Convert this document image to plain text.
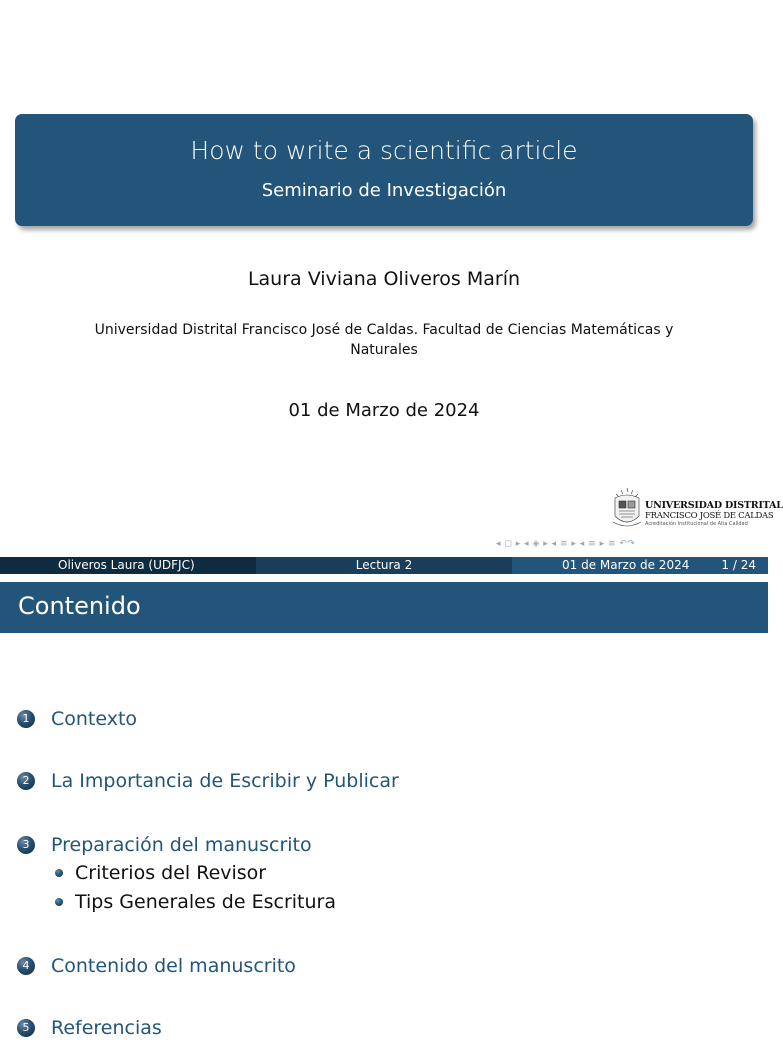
How to write a scientific article
Seminario de Investigación
Laura Viviana Oliveros Marín
Universidad Distrital Francisco José de Caldas. Facultad de Ciencias Matemáticas y
Naturales
01 de Marzo de 2024
UNIVERSIDAD DISTRITAL
FRANCISCO JOSÉ DE CALDAS
Acreditación Institucional de Alta Calidad
◂ ◻ ▸ ◂ ◈ ▸ ◂ ≡ ▸ ◂ ≡ ▸ ≡ ↶↷
Oliveros Laura (UDFJC)	Lectura 2	01 de Marzo de 2024	1 / 24
Contenido
1 Contexto
2 La Importancia de Escribir y Publicar
3 Preparación del manuscrito
Criterios del Revisor
Tips Generales de Escritura
4 Contenido del manuscrito
5 Referencias
